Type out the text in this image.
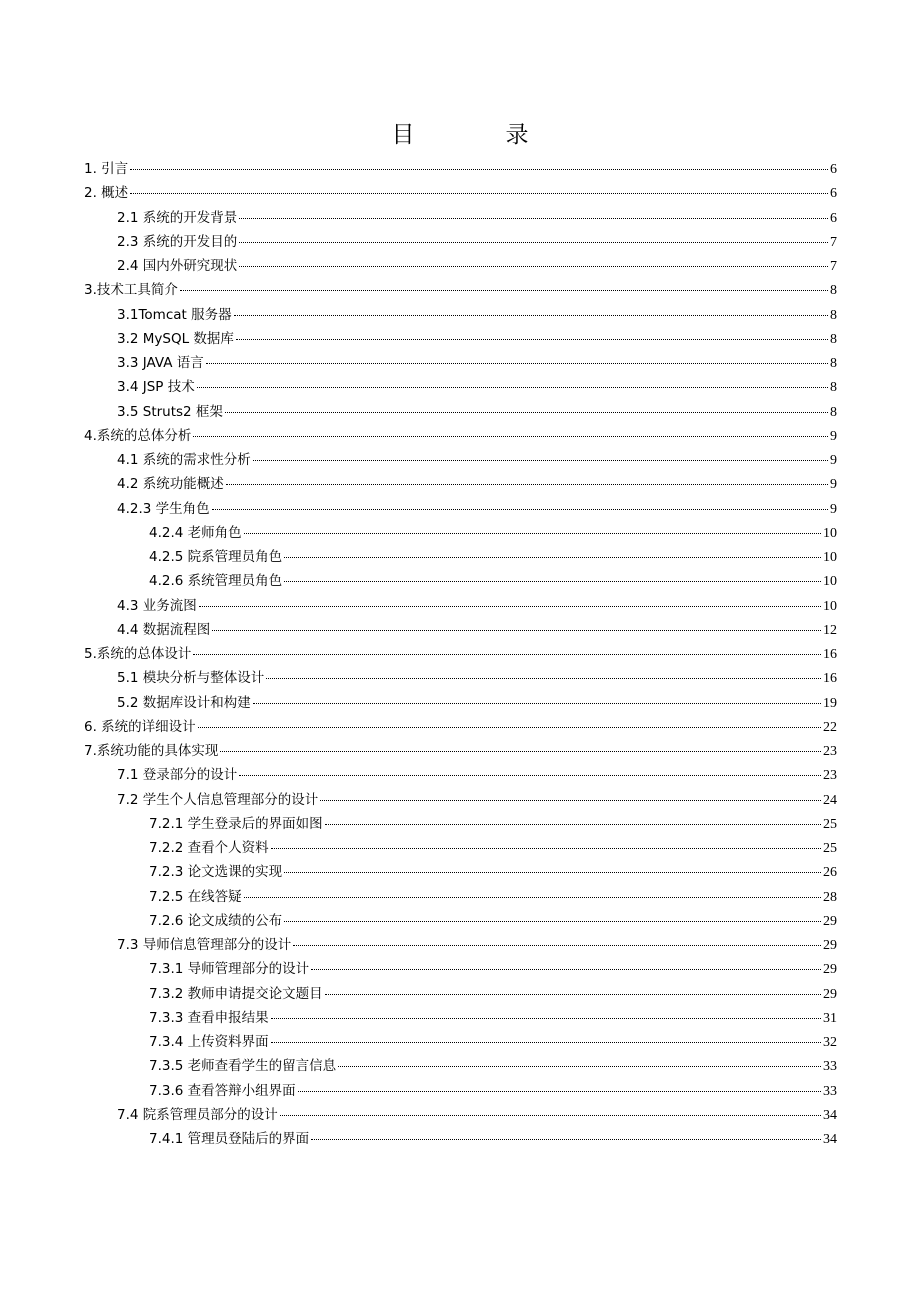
目　录
1. 引言	6
2. 概述	6
2.1 系统的开发背景	6
2.3 系统的开发目的	7
2.4 国内外研究现状	7
3.技术工具简介	8
3.1Tomcat 服务器	8
3.2 MySQL 数据库	8
3.3 JAVA 语言	8
3.4 JSP 技术	8
3.5 Struts2 框架	8
4.系统的总体分析	9
4.1 系统的需求性分析	9
4.2 系统功能概述	9
4.2.3 学生角色	9
4.2.4 老师角色	10
4.2.5 院系管理员角色	10
4.2.6 系统管理员角色	10
4.3 业务流图	10
4.4 数据流程图	12
5.系统的总体设计	16
5.1 模块分析与整体设计	16
5.2 数据库设计和构建	19
6. 系统的详细设计	22
7.系统功能的具体实现	23
7.1 登录部分的设计	23
7.2 学生个人信息管理部分的设计	24
7.2.1 学生登录后的界面如图	25
7.2.2 查看个人资料	25
7.2.3 论文选课的实现	26
7.2.5 在线答疑	28
7.2.6 论文成绩的公布	29
7.3 导师信息管理部分的设计	29
7.3.1 导师管理部分的设计	29
7.3.2 教师申请提交论文题目	29
7.3.3 查看申报结果	31
7.3.4 上传资料界面	32
7.3.5 老师查看学生的留言信息	33
7.3.6 查看答辩小组界面	33
7.4 院系管理员部分的设计	34
7.4.1 管理员登陆后的界面	34
